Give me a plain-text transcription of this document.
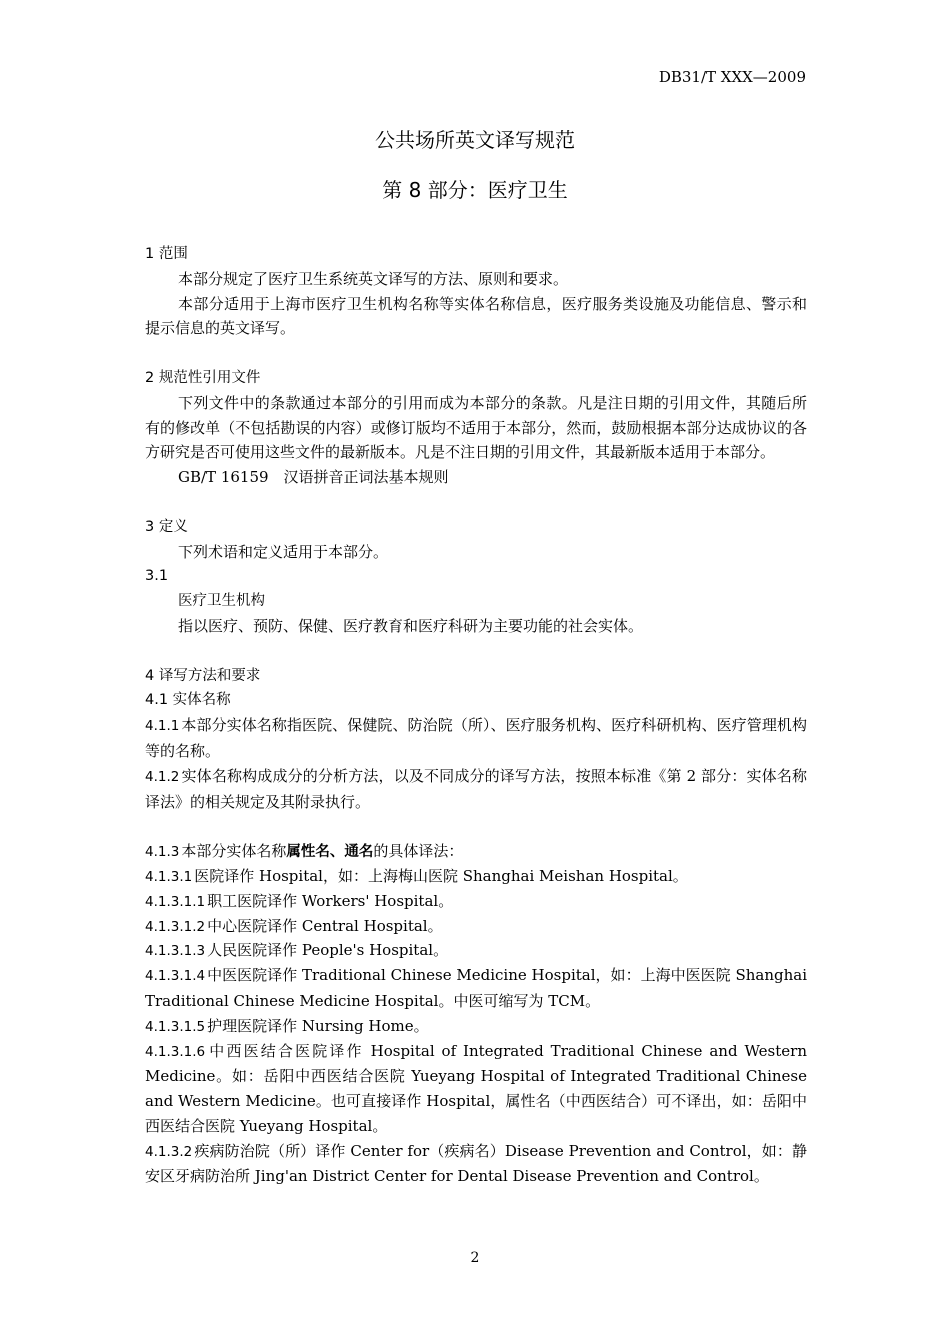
DB31/T XXX—2009
公共场所英文译写规范
第 8 部分：医疗卫生
1 范围
本部分规定了医疗卫生系统英文译写的方法、原则和要求。
本部分适用于上海市医疗卫生机构名称等实体名称信息，医疗服务类设施及功能信息、警示和提示信息的英文译写。
2 规范性引用文件
下列文件中的条款通过本部分的引用而成为本部分的条款。凡是注日期的引用文件，其随后所有的修改单（不包括勘误的内容）或修订版均不适用于本部分，然而，鼓励根据本部分达成协议的各方研究是否可使用这些文件的最新版本。凡是不注日期的引用文件，其最新版本适用于本部分。
GB/T 16159　汉语拼音正词法基本规则
3 定义
下列术语和定义适用于本部分。
3.1
医疗卫生机构
指以医疗、预防、保健、医疗教育和医疗科研为主要功能的社会实体。
4 译写方法和要求
4.1 实体名称
4.1.1 本部分实体名称指医院、保健院、防治院（所）、医疗服务机构、医疗科研机构、医疗管理机构等的名称。
4.1.2 实体名称构成成分的分析方法，以及不同成分的译写方法，按照本标准《第 2 部分：实体名称译法》的相关规定及其附录执行。
4.1.3 本部分实体名称属性名、通名的具体译法：
4.1.3.1 医院译作 Hospital，如：上海梅山医院 Shanghai Meishan Hospital。
4.1.3.1.1 职工医院译作 Workers' Hospital。
4.1.3.1.2 中心医院译作 Central Hospital。
4.1.3.1.3 人民医院译作 People's Hospital。
4.1.3.1.4 中医医院译作 Traditional Chinese Medicine Hospital，如：上海中医医院 Shanghai Traditional Chinese Medicine Hospital。中医可缩写为 TCM。
4.1.3.1.5 护理医院译作 Nursing Home。
4.1.3.1.6 中西医结合医院译作 Hospital of Integrated Traditional Chinese and Western Medicine。如：岳阳中西医结合医院 Yueyang Hospital of Integrated Traditional Chinese and Western Medicine。也可直接译作 Hospital，属性名（中西医结合）可不译出，如：岳阳中西医结合医院 Yueyang Hospital。
4.1.3.2 疾病防治院（所）译作 Center for（疾病名）Disease Prevention and Control，如：静安区牙病防治所 Jing'an District Center for Dental Disease Prevention and Control。
2
